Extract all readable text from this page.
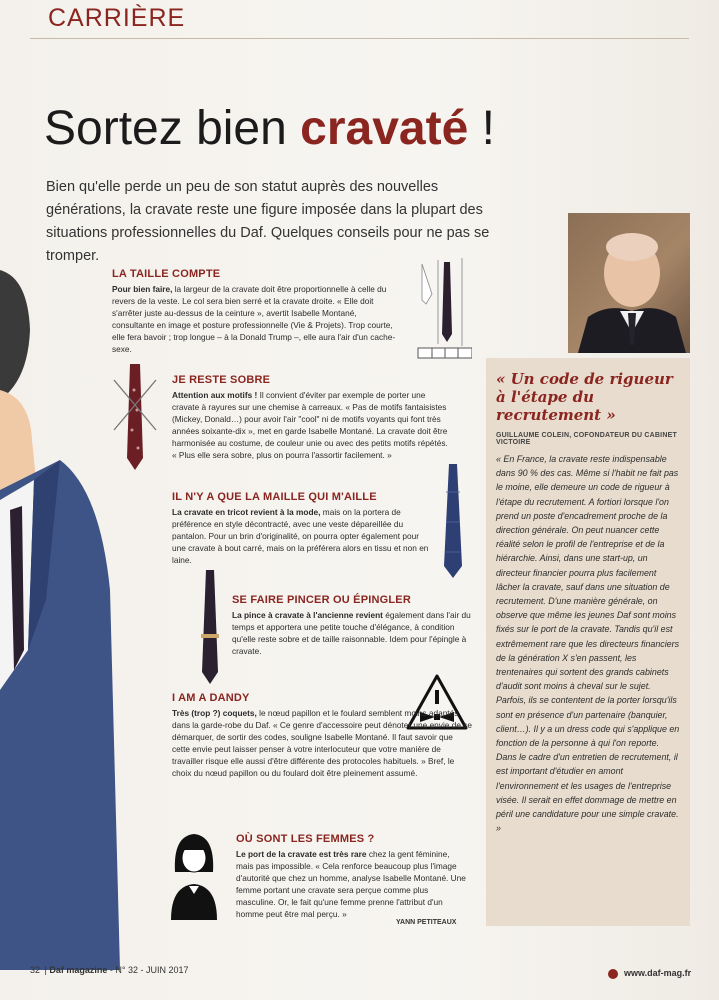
CARRIÈRE
Sortez bien cravaté !
Bien qu'elle perde un peu de son statut auprès des nouvelles générations, la cravate reste une figure imposée dans la plupart des situations professionnelles du Daf. Quelques conseils pour ne pas se tromper.
LA TAILLE COMPTE

Pour bien faire, la largeur de la cravate doit être proportionnelle à celle du revers de la veste. Le col sera bien serré et la cravate droite. « Elle doit s'arrêter juste au-dessus de la ceinture », avertit Isabelle Montané, consultante en image et posture professionnelle (Vie & Projets). Trop courte, elle fera bavoir ; trop longue – à la Donald Trump –, elle aura l'air d'un cache-sexe.

JE RESTE SOBRE

Attention aux motifs ! Il convient d'éviter par exemple de porter une cravate à rayures sur une chemise à carreaux. « Pas de motifs fantaisistes (Mickey, Donald…) pour avoir l'air "cool" ni de motifs voyants qui font très années soixante-dix », met en garde Isabelle Montané. La cravate doit être harmonisée au costume, de couleur unie ou avec des petits motifs répétés. « Plus elle sera sobre, plus on pourra l'assortir facilement. »

IL N'Y A QUE LA MAILLE QUI M'AILLE

La cravate en tricot revient à la mode, mais on la portera de préférence en style décontracté, avec une veste dépareillée du pantalon. Pour un brin d'originalité, on pourra opter également pour une cravate à bout carré, mais on la préférera alors en tissu et non en laine.

SE FAIRE PINCER OU ÉPINGLER

La pince à cravate à l'ancienne revient également dans l'air du temps et apportera une petite touche d'élégance, à condition qu'elle reste sobre et de taille raisonnable. Idem pour l'épingle à cravate.

I AM A DANDY

Très (trop ?) coquets, le nœud papillon et le foulard semblent moins adaptés dans la garde-robe du Daf. « Ce genre d'accessoire peut dénoter une envie de se démarquer, de sortir des codes, souligne Isabelle Montané. Il faut savoir que cette envie peut laisser penser à votre interlocuteur que votre manière de travailler risque elle aussi d'être différente des protocoles habituels. » Bref, le choix du nœud papillon ou du foulard doit être pleinement assumé.

OÙ SONT LES FEMMES ?

Le port de la cravate est très rare chez la gent féminine, mais pas impossible. « Cela renforce beaucoup plus l'image d'autorité que chez un homme, analyse Isabelle Montané. Une femme portant une cravate sera perçue comme plus masculine. Or, le fait qu'une femme prenne l'attribut d'un homme peut être mal perçu. »

YANN PETITEAUX
« Un code de rigueur à l'étape du recrutement »
GUILLAUME COLEIN, COFONDATEUR DU CABINET VICTOIRE
« En France, la cravate reste indispensable dans 90 % des cas. Même si l'habit ne fait pas le moine, elle demeure un code de rigueur à l'étape du recrutement. A fortiori lorsque l'on prend un poste d'encadrement proche de la direction générale. On peut nuancer cette réalité selon le profil de l'entreprise et de la hiérarchie. Ainsi, dans une start-up, un directeur financier pourra plus facilement lâcher la cravate, sauf dans une situation de recrutement. D'une manière générale, on observe que même les jeunes Daf sont moins fixés sur le port de la cravate. Tandis qu'il est extrêmement rare que les directeurs financiers de la génération X s'en passent, les trentenaires qui sortent des grands cabinets d'audit sont moins à cheval sur le sujet. Parfois, ils se contentent de la porter lorsqu'ils sont en présence d'un partenaire (banquier, client…). Il y a un dress code qui s'applique en fonction de la personne à qui l'on reporte. Dans le cadre d'un entretien de recrutement, il est important d'étudier en amont l'environnement et les usages de l'entreprise visée. Il serait en effet dommage de mettre en péril une candidature pour une simple cravate. »
32 | Daf magazine - N° 32 - JUIN 2017	www.daf-mag.fr
